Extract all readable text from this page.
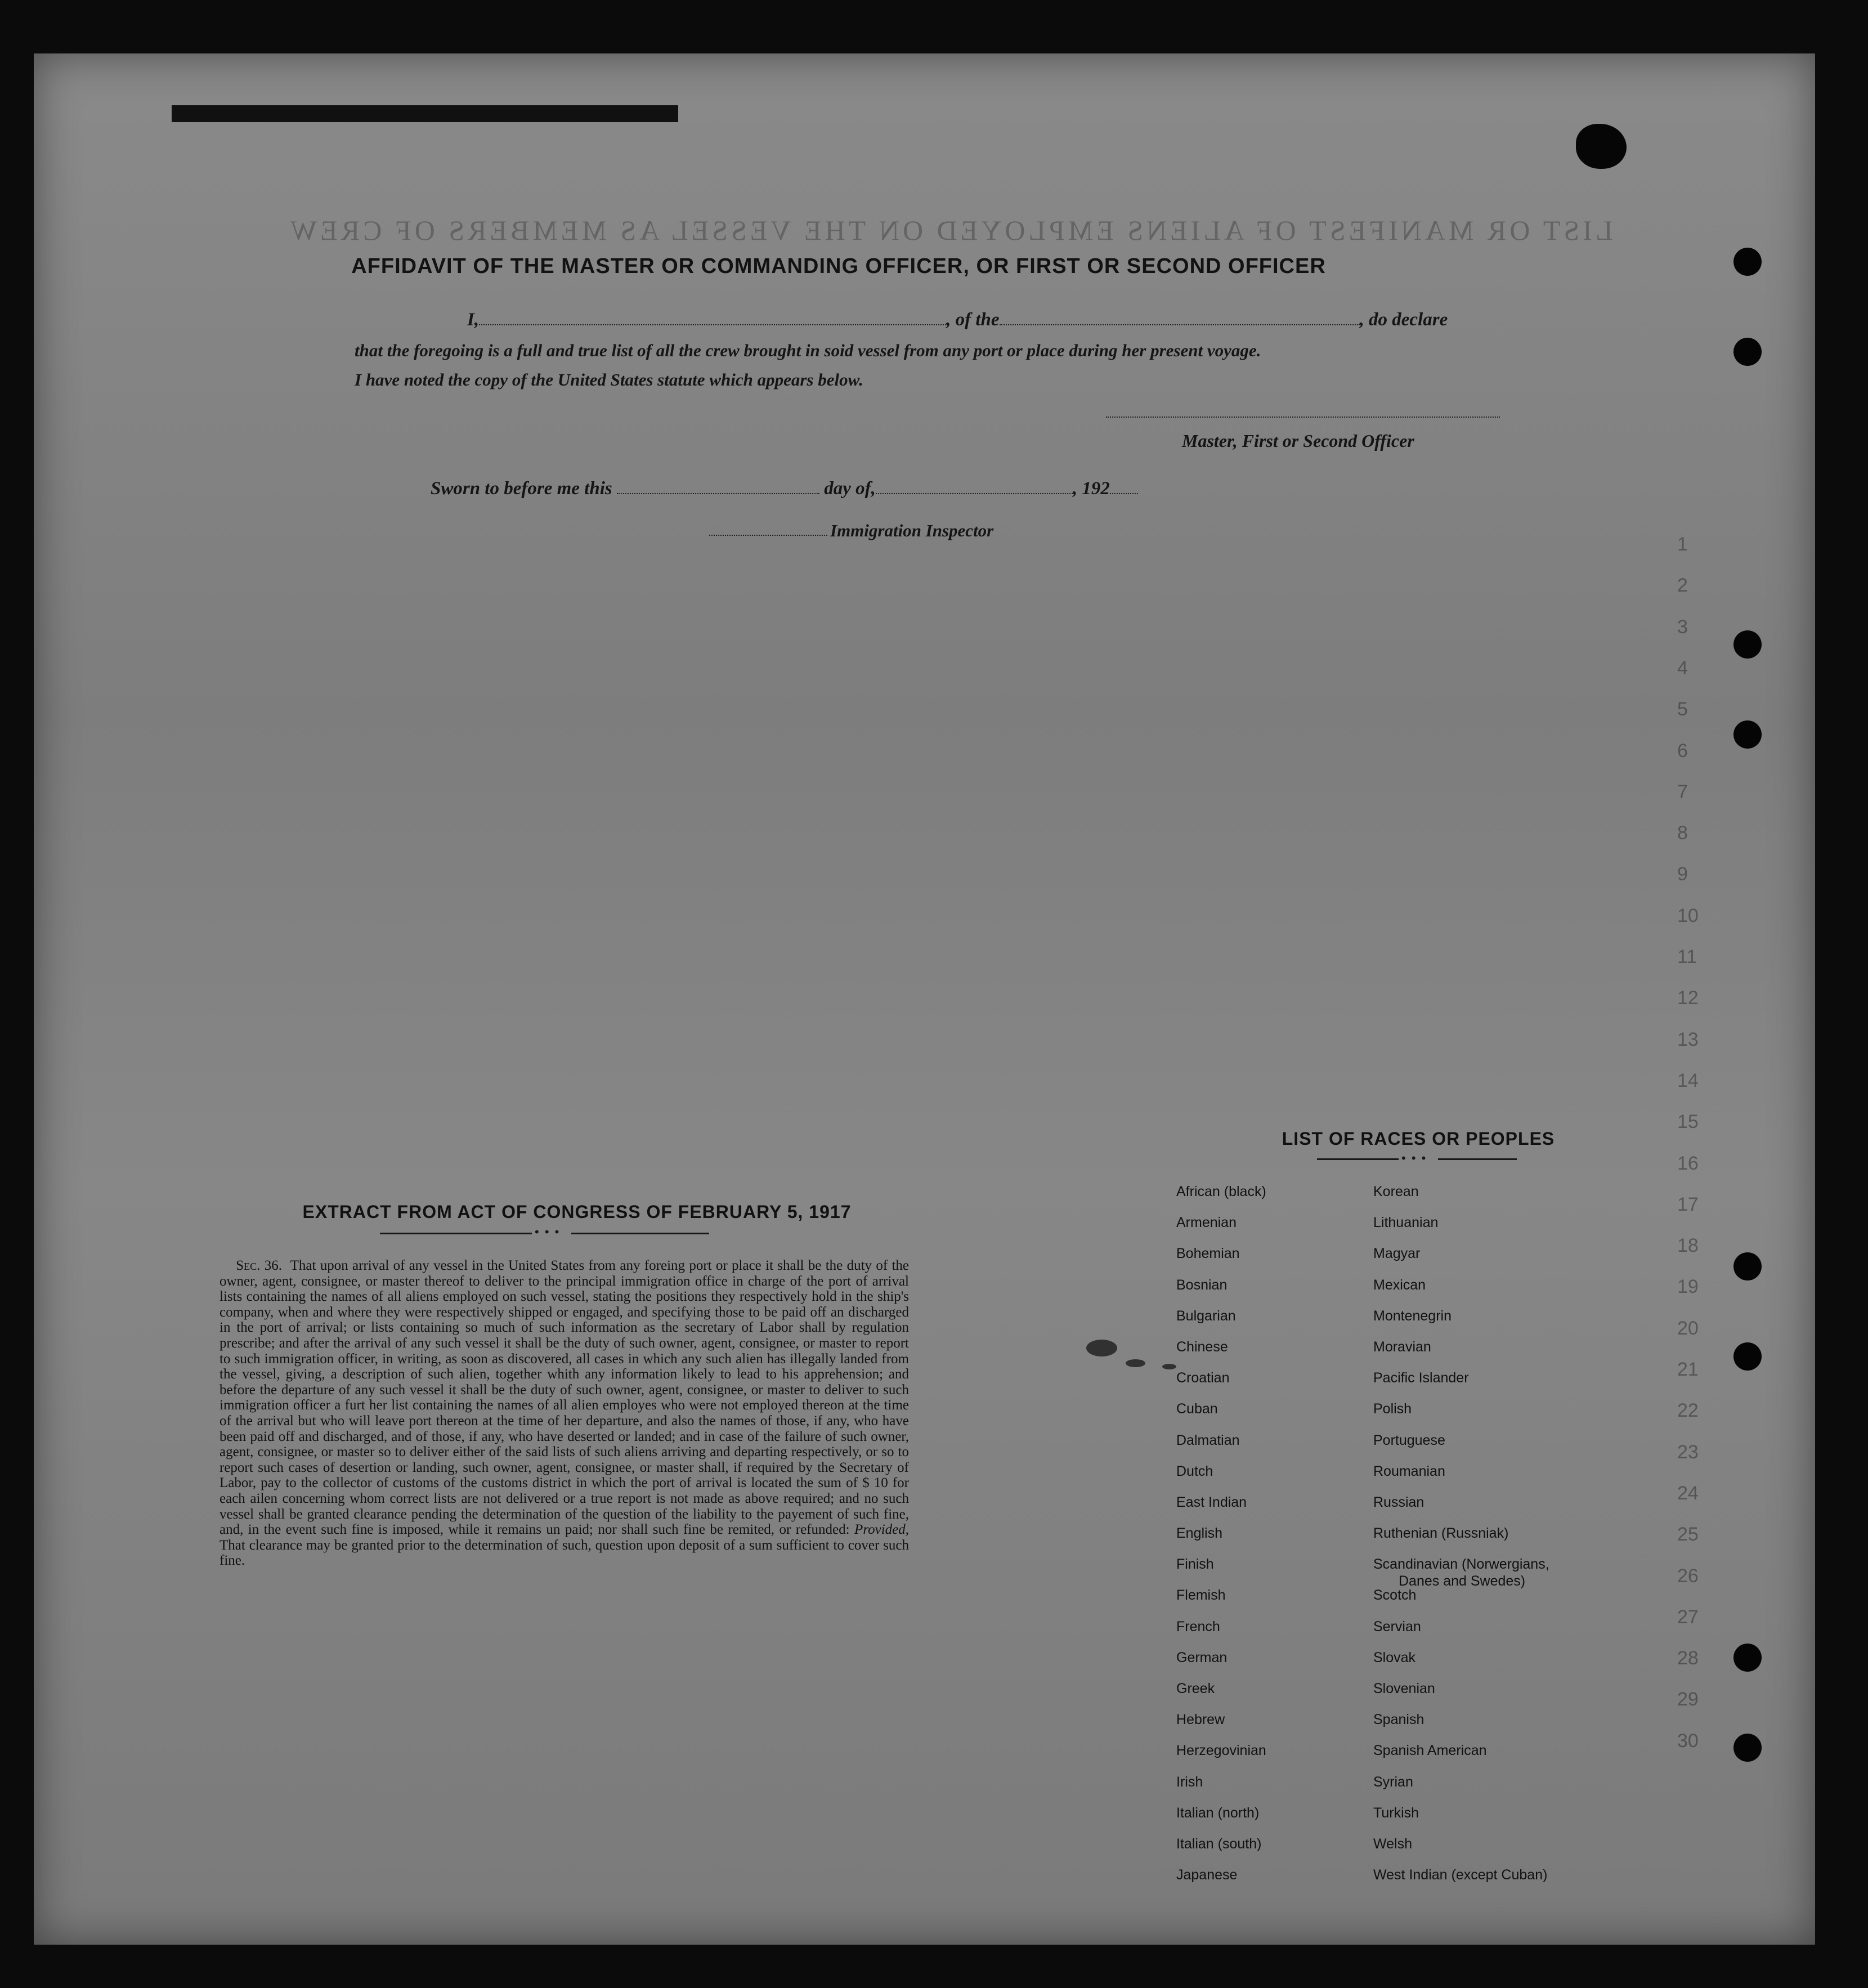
LIST OR MANIFEST OF ALIENS EMPLOYED ON THE VESSEL AS MEMBERS OF CREW
1
2
3
4
5
6
7
8
9
10
11
12
13
14
15
16
17
18
19
20
21
22
23
24
25
26
27
28
29
30
AFFIDAVIT OF THE MASTER OR COMMANDING OFFICER, OR FIRST OR SECOND OFFICER
I,	, of the	, do declare
that the foregoing is a full and true list of all the crew brought in soid vessel from any port or place during her present voyage.
I have noted the copy of the United States statute which appears below.
Master, First or Second Officer
Sworn to before me this	day of,	, 192
Immigration Inspector
EXTRACT FROM ACT OF CONGRESS OF FEBRUARY 5, 1917
• • •
Sec. 36. That upon arrival of any vessel in the United States from any foreing port or place it shall be the duty of the owner, agent, consignee, or master thereof to deliver to the principal immigration office in charge of the port of arrival lists containing the names of all aliens employed on such vessel, stating the positions they respectively hold in the ship's company, when and where they were respectively shipped or engaged, and specifying those to be paid off an discharged in the port of arrival; or lists containing so much of such information as the secretary of Labor shall by regulation prescribe; and after the arrival of any such vessel it shall be the duty of such owner, agent, consignee, or master to report to such immigration officer, in writing, as soon as discovered, all cases in which any such alien has illegally landed from the vessel, giving, a description of such alien, together whith any information likely to lead to his apprehension; and before the departure of any such vessel it shall be the duty of such owner, agent, consignee, or master to deliver to such immigration officer a furt her list containing the names of all alien employes who were not employed thereon at the time of the arrival but who will leave port thereon at the time of her departure, and also the names of those, if any, who have been paid off and discharged, and of those, if any, who have deserted or landed; and in case of the failure of such owner, agent, consignee, or master so to deliver either of the said lists of such aliens arriving and departing respectively, or so to report such cases of desertion or landing, such owner, agent, consignee, or master shall, if required by the Secretary of Labor, pay to the collector of customs of the customs district in which the port of arrival is located the sum of $ 10 for each ailen concerning whom correct lists are not delivered or a true report is not made as above required; and no such vessel shall be granted clearance pending the determination of the question of the liability to the payement of such fine, and, in the event such fine is imposed, while it remains un paid; nor shall such fine be remited, or refunded: Provided, That clearance may be granted prior to the determination of such, question upon deposit of a sum sufficient to cover such fine.
LIST OF RACES OR PEOPLES
• • •
African (black)
Armenian
Bohemian
Bosnian
Bulgarian
Chinese
Croatian
Cuban
Dalmatian
Dutch
East Indian
English
Finish
Flemish
French
German
Greek
Hebrew
Herzegovinian
Irish
Italian (north)
Italian (south)
Japanese
Korean
Lithuanian
Magyar
Mexican
Montenegrin
Moravian
Pacific Islander
Polish
Portuguese
Roumanian
Russian
Ruthenian (Russniak)
Scandinavian (Norwergians,
Scotch
Servian
Slovak
Slovenian
Spanish
Spanish American
Syrian
Turkish
Welsh
West Indian (except Cuban)
Danes and Swedes)
